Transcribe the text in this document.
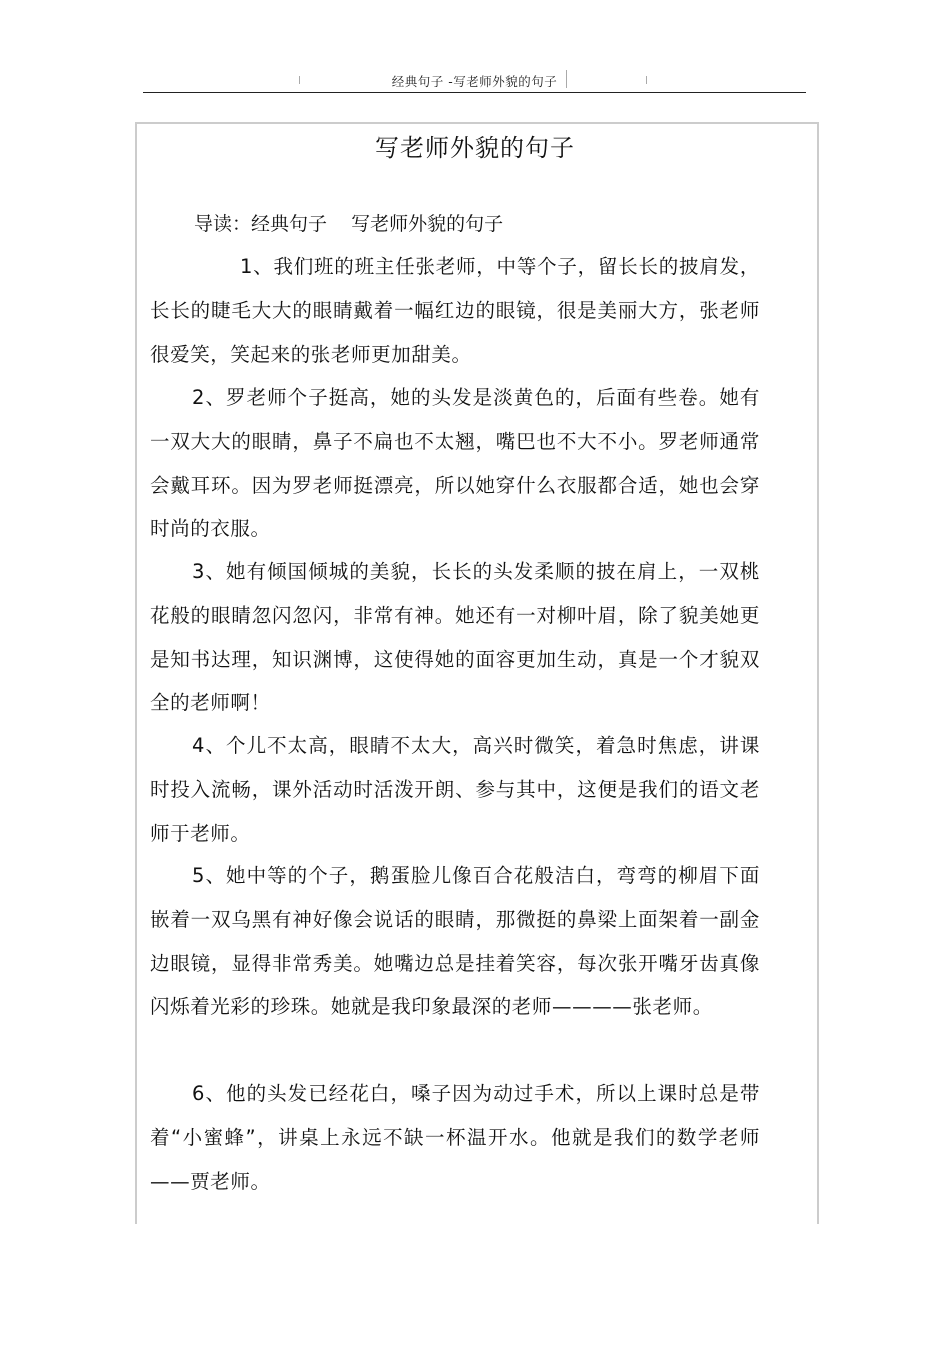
经典句子 -写老师外貌的句子
写老师外貌的句子
导读：经典句子    写老师外貌的句子
1、我们班的班主任张老师，中等个子，留长长的披肩发，长长的睫毛大大的眼睛戴着一幅红边的眼镜，很是美丽大方，张老师很爱笑，笑起来的张老师更加甜美。
2、罗老师个子挺高，她的头发是淡黄色的，后面有些卷。她有一双大大的眼睛，鼻子不扁也不太翘，嘴巴也不大不小。罗老师通常会戴耳环。因为罗老师挺漂亮，所以她穿什么衣服都合适，她也会穿时尚的衣服。
3、她有倾国倾城的美貌，长长的头发柔顺的披在肩上，一双桃花般的眼睛忽闪忽闪，非常有神。她还有一对柳叶眉，除了貌美她更是知书达理，知识渊博，这使得她的面容更加生动，真是一个才貌双全的老师啊！
4、个儿不太高，眼睛不太大，高兴时微笑，着急时焦虑，讲课时投入流畅，课外活动时活泼开朗、参与其中，这便是我们的语文老师于老师。
5、她中等的个子，鹅蛋脸儿像百合花般洁白，弯弯的柳眉下面嵌着一双乌黑有神好像会说话的眼睛，那微挺的鼻梁上面架着一副金边眼镜，显得非常秀美。她嘴边总是挂着笑容，每次张开嘴牙齿真像闪烁着光彩的珍珠。她就是我印象最深的老师————张老师。
6、他的头发已经花白，嗓子因为动过手术，所以上课时总是带着“小蜜蜂”，讲桌上永远不缺一杯温开水。他就是我们的数学老师——贾老师。
